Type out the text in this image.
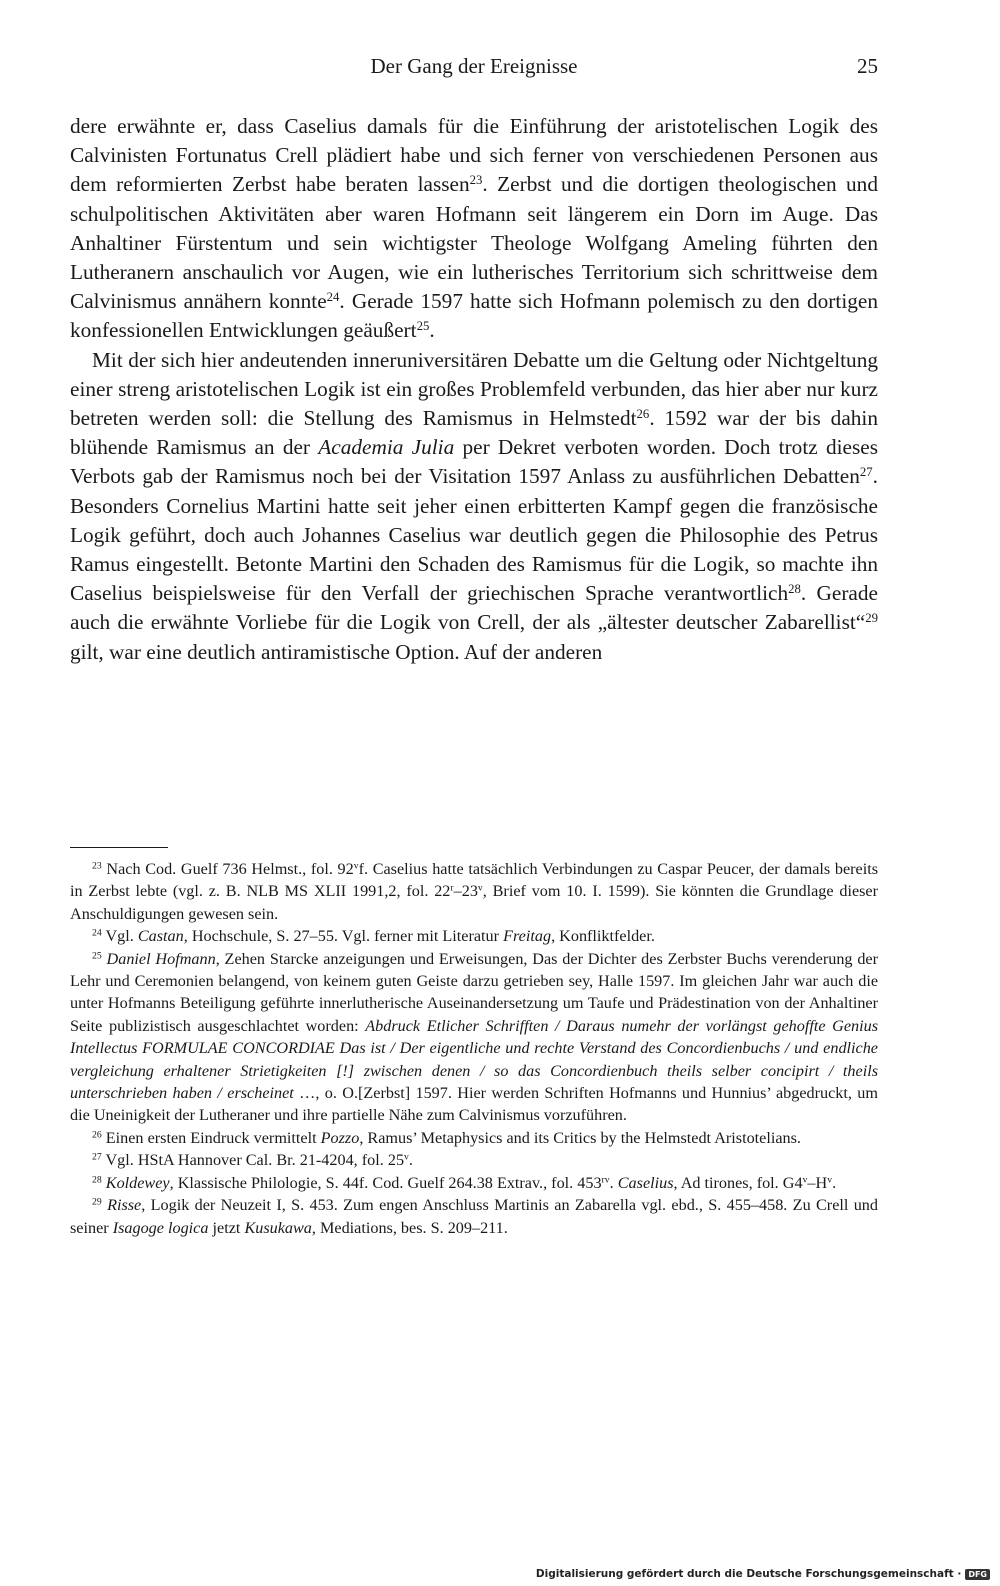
Der Gang der Ereignisse	25

dere erwähnte er, dass Caselius damals für die Einführung der aristotelischen Logik des Calvinisten Fortunatus Crell plädiert habe und sich ferner von verschiedenen Personen aus dem reformierten Zerbst habe beraten lassen$^{23}$. Zerbst und die dortigen theologischen und schulpolitischen Aktivitäten aber waren Hofmann seit längerem ein Dorn im Auge. Das Anhaltiner Fürstentum und sein wichtigster Theologe Wolfgang Ameling führten den Lutheranern anschaulich vor Augen, wie ein lutherisches Territorium sich schrittweise dem Calvinismus annähern konnte$^{24}$. Gerade 1597 hatte sich Hofmann polemisch zu den dortigen konfessionellen Entwicklungen geäußert$^{25}$.

Mit der sich hier andeutenden inneruniversitären Debatte um die Geltung oder Nichtgeltung einer streng aristotelischen Logik ist ein großes Problemfeld verbunden, das hier aber nur kurz betreten werden soll: die Stellung des Ramismus in Helmstedt$^{26}$. 1592 war der bis dahin blühende Ramismus an der Academia Julia per Dekret verboten worden. Doch trotz dieses Verbots gab der Ramismus noch bei der Visitation 1597 Anlass zu ausführlichen Debatten$^{27}$. Besonders Cornelius Martini hatte seit jeher einen erbitterten Kampf gegen die französische Logik geführt, doch auch Johannes Caselius war deutlich gegen die Philosophie des Petrus Ramus eingestellt. Betonte Martini den Schaden des Ramismus für die Logik, so machte ihn Caselius beispielsweise für den Verfall der griechischen Sprache verantwortlich$^{28}$. Gerade auch die erwähnte Vorliebe für die Logik von Crell, der als „ältester deutscher Zabarellist“$^{29}$ gilt, war eine deutlich antiramistische Option. Auf der anderen

$^{23}$ Nach Cod. Guelf 736 Helmst., fol. 92$^v$f. Caselius hatte tatsächlich Verbindungen zu Caspar Peucer, der damals bereits in Zerbst lebte (vgl. z. B. NLB MS XLII 1991,2, fol. 22$^r$–23$^v$, Brief vom 10. I. 1599). Sie könnten die Grundlage dieser Anschuldigungen gewesen sein.

$^{24}$ Vgl. Castan, Hochschule, S. 27–55. Vgl. ferner mit Literatur Freitag, Konfliktfelder.

$^{25}$ Daniel Hofmann, Zehen Starcke anzeigungen und Erweisungen, Das der Dichter des Zerbster Buchs verenderung der Lehr und Ceremonien belangend, von keinem guten Geiste darzu getrieben sey, Halle 1597. Im gleichen Jahr war auch die unter Hofmanns Beteiligung geführte innerlutherische Auseinandersetzung um Taufe und Prädestination von der Anhaltiner Seite publizistisch ausgeschlachtet worden: Abdruck Etlicher Schrifften / Daraus numehr der vorlängst gehoffte Genius Intellectus FORMULAE CONCORDIAE Das ist / Der eigentliche und rechte Verstand des Concordienbuchs / und endliche vergleichung erhaltener Strietigkeiten [!] zwischen denen / so das Concordienbuch theils selber concipirt / theils unterschrieben haben / erscheinet …, o. O.[Zerbst] 1597. Hier werden Schriften Hofmanns und Hunnius’ abgedruckt, um die Uneinigkeit der Lutheraner und ihre partielle Nähe zum Calvinismus vorzuführen.

$^{26}$ Einen ersten Eindruck vermittelt Pozzo, Ramus’ Metaphysics and its Critics by the Helmstedt Aristotelians.

$^{27}$ Vgl. HStA Hannover Cal. Br. 21-4204, fol. 25$^v$.

$^{28}$ Koldewey, Klassische Philologie, S. 44f. Cod. Guelf 264.38 Extrav., fol. $453^{rv}$. Caselius, Ad tirones, fol. $G4^v-H^v$.

$^{29}$ Risse, Logik der Neuzeit I, S. 453. Zum engen Anschluss Martinis an Zabarella vgl. ebd., S. 455–458. Zu Crell und seiner Isagoge logica jetzt Kusukawa, Mediations, bes. S. 209–211.

Digitalisierung gefördert durch die Deutsche Forschungsgemeinschaft · DFG
